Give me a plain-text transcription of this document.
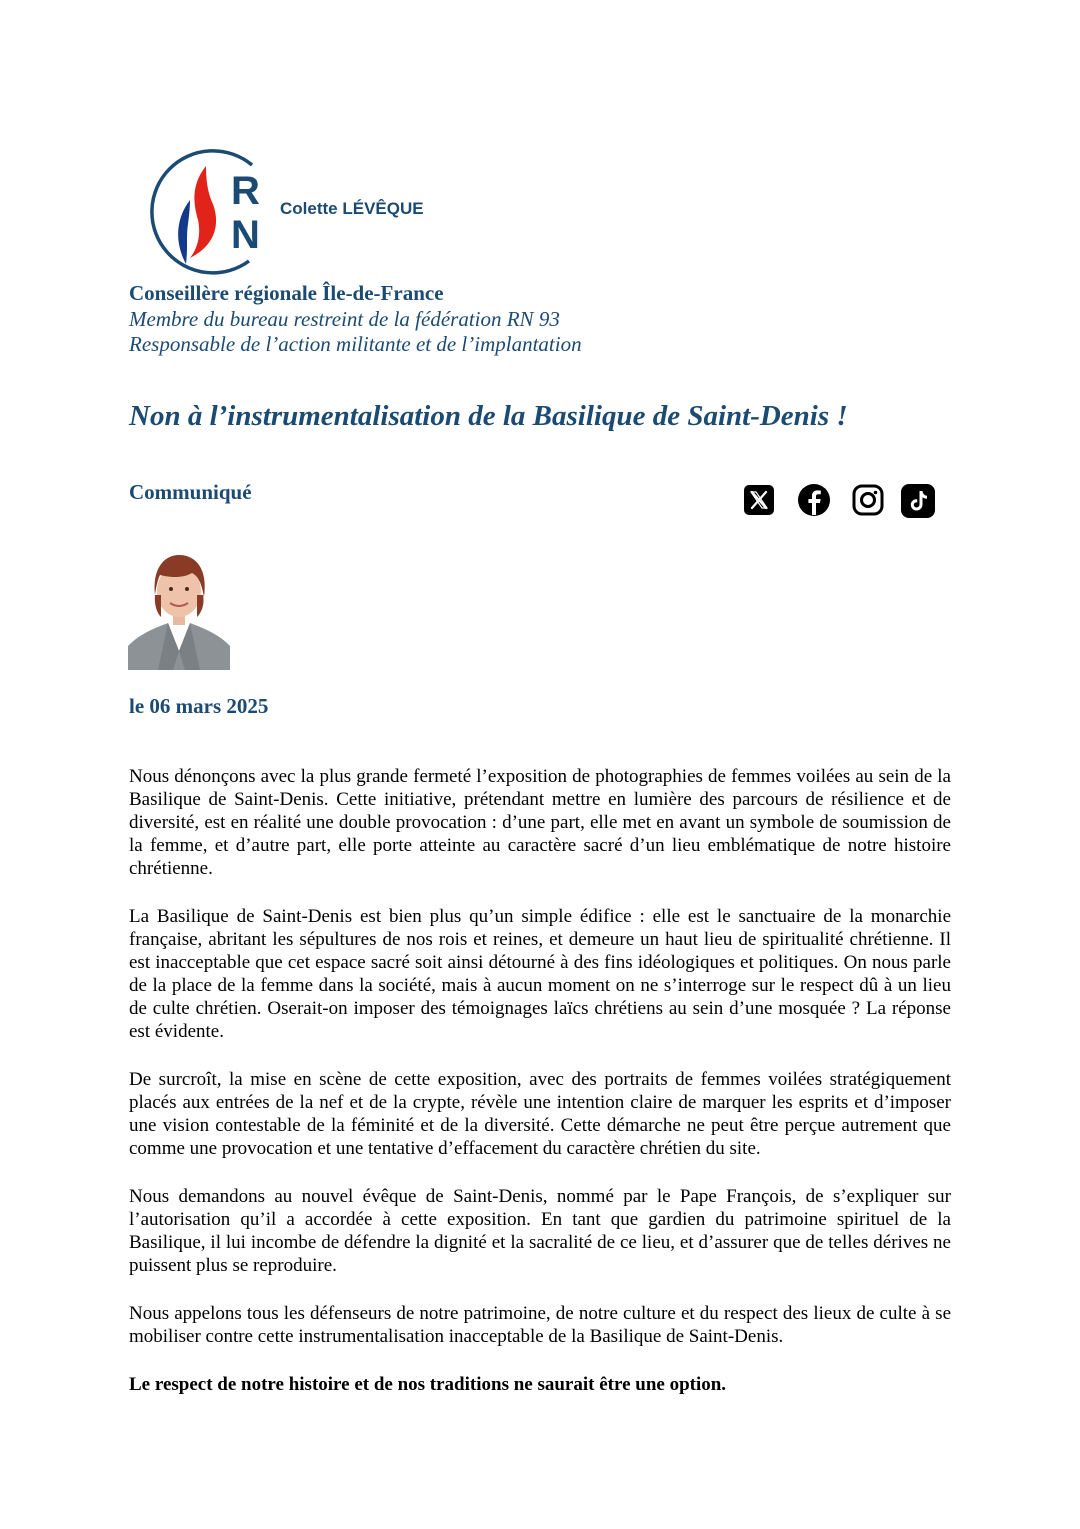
R
N
Colette LÉVÊQUE
Conseillère régionale Île-de-France
Membre du bureau restreint de la fédération RN 93
Responsable de l’action militante et de l’implantation
Non à l’instrumentalisation de la Basilique de Saint-Denis !
Communiqué
le 06 mars 2025

Nous dénonçons avec la plus grande fermeté l’exposition de photographies de femmes voilées au sein de la Basilique de Saint-Denis. Cette initiative, prétendant mettre en lumière des parcours de résilience et de diversité, est en réalité une double provocation : d’une part, elle met en avant un symbole de soumission de la femme, et d’autre part, elle porte atteinte au caractère sacré d’un lieu emblématique de notre histoire chrétienne.

La Basilique de Saint-Denis est bien plus qu’un simple édifice : elle est le sanctuaire de la monarchie française, abritant les sépultures de nos rois et reines, et demeure un haut lieu de spiritualité chrétienne. Il est inacceptable que cet espace sacré soit ainsi détourné à des fins idéologiques et politiques. On nous parle de la place de la femme dans la société, mais à aucun moment on ne s’interroge sur le respect dû à un lieu de culte chrétien. Oserait-on imposer des témoignages laïcs chrétiens au sein d’une mosquée ? La réponse est évidente.

De surcroît, la mise en scène de cette exposition, avec des portraits de femmes voilées stratégiquement placés aux entrées de la nef et de la crypte, révèle une intention claire de marquer les esprits et d’imposer une vision contestable de la féminité et de la diversité. Cette démarche ne peut être perçue autrement que comme une provocation et une tentative d’effacement du caractère chrétien du site.

Nous demandons au nouvel évêque de Saint-Denis, nommé par le Pape François, de s’expliquer sur l’autorisation qu’il a accordée à cette exposition. En tant que gardien du patrimoine spirituel de la Basilique, il lui incombe de défendre la dignité et la sacralité de ce lieu, et d’assurer que de telles dérives ne puissent plus se reproduire.

Nous appelons tous les défenseurs de notre patrimoine, de notre culture et du respect des lieux de culte à se mobiliser contre cette instrumentalisation inacceptable de la Basilique de Saint-Denis.

Le respect de notre histoire et de nos traditions ne saurait être une option.
